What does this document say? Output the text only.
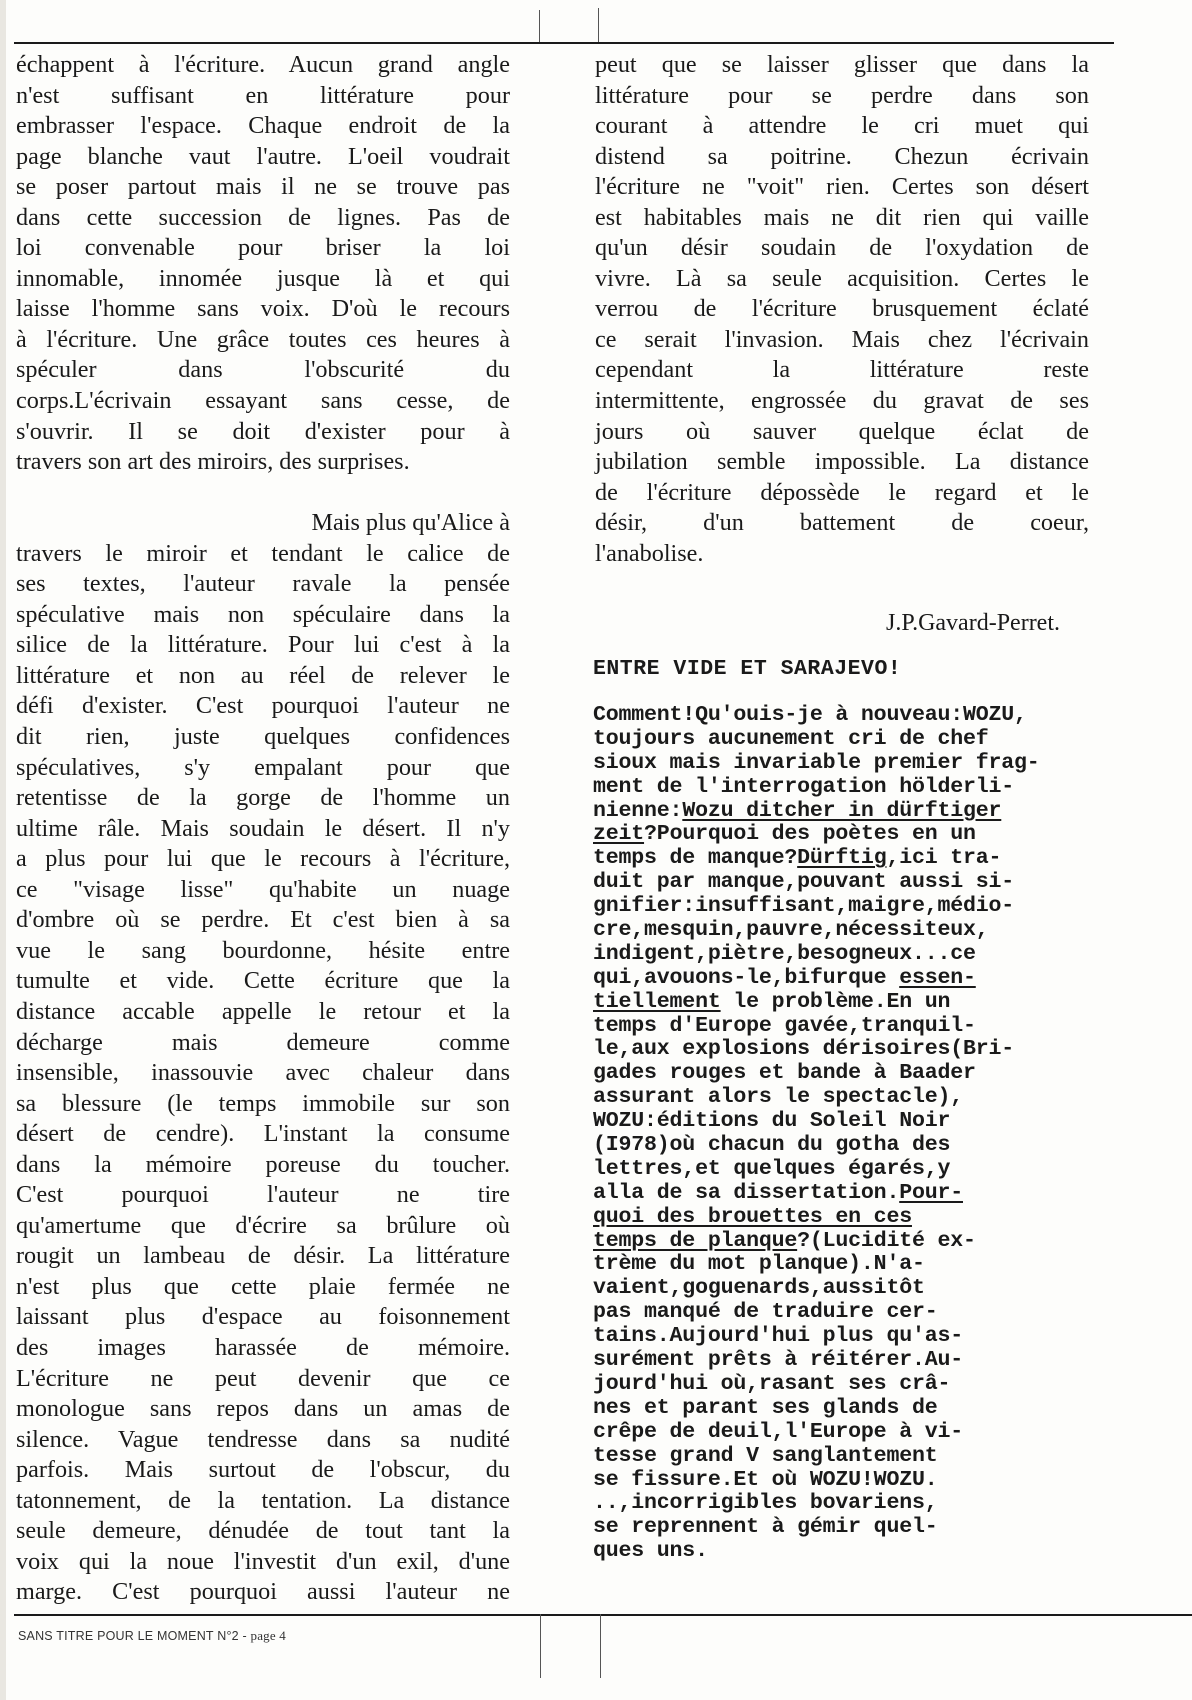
échappent à l'écriture. Aucun grand angle
n'est suffisant en littérature pour
embrasser l'espace. Chaque endroit de la
page blanche vaut l'autre. L'oeil voudrait
se poser partout mais il ne se trouve pas
dans cette succession de lignes. Pas de
loi convenable pour briser la loi
innomable, innomée jusque là et qui
laisse l'homme sans voix. D'où le recours
à l'écriture. Une grâce toutes ces heures à
spéculer dans l'obscurité du
corps.L'écrivain essayant sans cesse, de
s'ouvrir. Il se doit d'exister pour à
travers son art des miroirs, des surprises.

Mais plus qu'Alice à
travers le miroir et tendant le calice de
ses textes, l'auteur ravale la pensée
spéculative mais non spéculaire dans la
silice de la littérature. Pour lui c'est à la
littérature et non au réel de relever le
défi d'exister. C'est pourquoi l'auteur ne
dit rien, juste quelques confidences
spéculatives, s'y empalant pour que
retentisse de la gorge de l'homme un
ultime râle. Mais soudain le désert. Il n'y
a plus pour lui que le recours à l'écriture,
ce "visage lisse" qu'habite un nuage
d'ombre où se perdre. Et c'est bien à sa
vue le sang bourdonne, hésite entre
tumulte et vide. Cette écriture que la
distance accable appelle le retour et la
décharge mais demeure comme
insensible, inassouvie avec chaleur dans
sa blessure (le temps immobile sur son
désert de cendre). L'instant la consume
dans la mémoire poreuse du toucher.
C'est pourquoi l'auteur ne tire
qu'amertume que d'écrire sa brûlure où
rougit un lambeau de désir. La littérature
n'est plus que cette plaie fermée ne
laissant plus d'espace au foisonnement
des images harassée de mémoire.
L'écriture ne peut devenir que ce
monologue sans repos dans un amas de
silence. Vague tendresse dans sa nudité
parfois. Mais surtout de l'obscur, du
tatonnement, de la tentation. La distance
seule demeure, dénudée de tout tant la
voix qui la noue l'investit d'un exil, d'une
marge. C'est pourquoi aussi l'auteur ne
peut que se laisser glisser que dans la
littérature pour se perdre dans son
courant à attendre le cri muet qui
distend sa poitrine. Chezun écrivain
l'écriture ne "voit" rien. Certes son désert
est habitables mais ne dit rien qui vaille
qu'un désir soudain de l'oxydation de
vivre. Là sa seule acquisition. Certes le
verrou de l'écriture brusquement éclaté
ce serait l'invasion. Mais chez l'écrivain
cependant la littérature reste
intermittente, engrossée du gravat de ses
jours où sauver quelque éclat de
jubilation semble impossible. La distance
de l'écriture dépossède le regard et le
désir, d'un battement de coeur,
l'anabolise.
J.P.Gavard-Perret.
ENTRE VIDE ET SARAJEVO!
Comment!Qu'ouis-je à nouveau:WOZU,
toujours aucunement cri de chef
sioux mais invariable premier frag-
ment de l'interrogation hölderli-
nienne:Wozu ditcher in dürftiger
zeit?Pourquoi des poètes en un
temps de manque?Dürftig,ici tra-
duit par manque,pouvant aussi si-
gnifier:insuffisant,maigre,médio-
cre,mesquin,pauvre,nécessiteux,
indigent,piètre,besogneux...ce
qui,avouons-le,bifurque essen-
tiellement le problème.En un
temps d'Europe gavée,tranquil-
le,aux explosions dérisoires(Bri-
gades rouges et bande à Baader
assurant alors le spectacle),
WOZU:éditions du Soleil Noir
(I978)où chacun du gotha des
lettres,et quelques égarés,y
alla de sa dissertation.Pour-
quoi des brouettes en ces
temps de planque?(Lucidité ex-
trème du mot planque).N'a-
vaient,goguenards,aussitôt
pas manqué de traduire cer-
tains.Aujourd'hui plus qu'as-
surément prêts à réitérer.Au-
jourd'hui où,rasant ses crâ-
nes et parant ses glands de
crêpe de deuil,l'Europe à vi-
tesse grand V sanglantement
se fissure.Et où WOZU!WOZU.
..,incorrigibles bovariens,
se reprennent à gémir quel-
ques uns.
SANS TITRE POUR LE MOMENT N°2 - page 4
